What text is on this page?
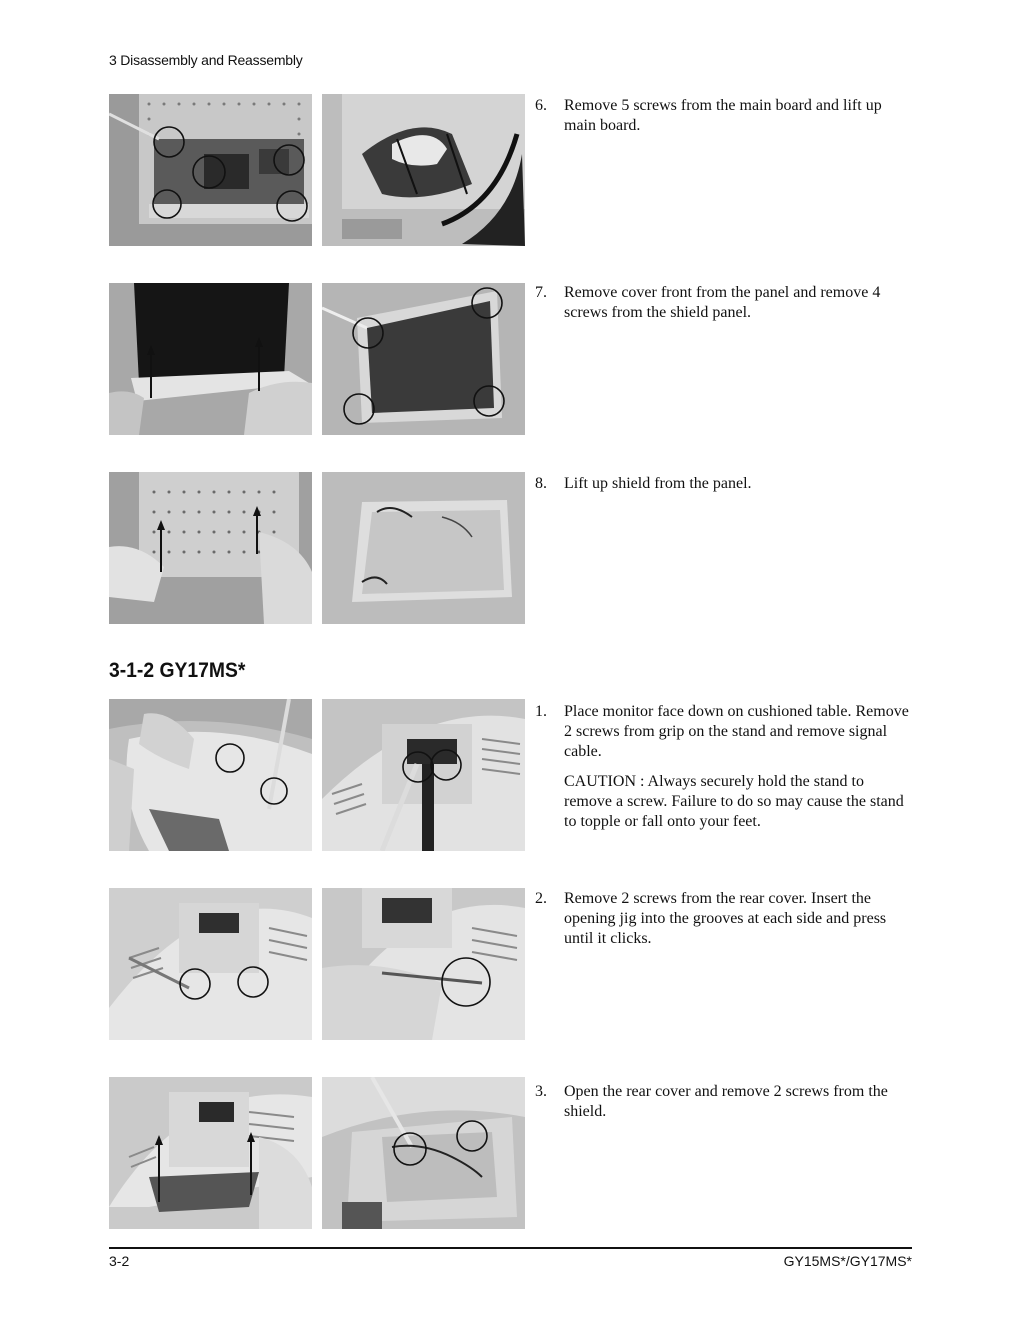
3 Disassembly and Reassembly
6.	Remove 5 screws from the main board and lift up main board.
7.	Remove cover front from the panel and remove 4 screws from the shield panel.
8.	Lift up shield from the panel.
3-1-2 GY17MS*
1.	Place monitor face down on cushioned table. Remove 2 screws from grip on the stand and remove signal cable.
CAUTION : Always securely hold the stand to remove a screw. Failure to do so may cause the stand to topple or fall onto your feet.
2.	Remove 2 screws from the rear cover. Insert the opening jig into the grooves at each side and press until it clicks.
3.	Open the rear cover and remove 2 screws from the shield.
3-2	GY15MS*/GY17MS*
